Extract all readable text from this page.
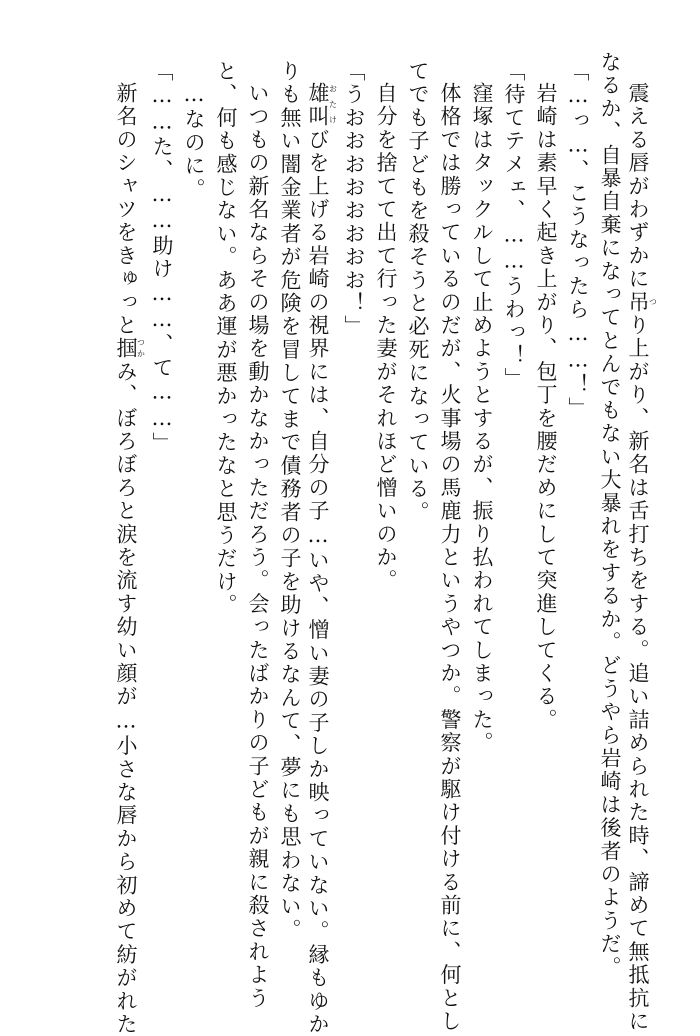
震える唇がわずかに吊つり上がり、新名は舌打ちをする。追い詰められた時、諦めて無抵抗に
なるか、自暴自棄になってとんでもない大暴れをするか。どうやら岩崎は後者のようだ。
「…っ…、こうなったら……！」
岩崎は素早く起き上がり、包丁を腰だめにして突進してくる。
「待てテメェ、……うわっ！」
窪塚はタックルして止めようとするが、振り払われてしまった。
体格では勝っているのだが、火事場の馬鹿力というやつか。警察が駆け付ける前に、何とし
てでも子どもを殺そうと必死になっている。
自分を捨てて出て行った妻がそれほど憎いのか。
「うおおおおおおおお！」
雄叫おたけびを上げる岩崎の視界には、自分の子…いや、憎い妻の子しか映っていない。縁もゆか
りも無い闇金業者が危険を冒してまで債務者の子を助けるなんて、夢にも思わない。
いつもの新名ならその場を動かなかっただろう。会ったばかりの子どもが親に殺されよう
と、何も感じない。ああ運が悪かったなと思うだけ。
…なのに。
「……た、……助け……、て……」
新名のシャツをきゅっと掴つかみ、ぼろぼろと涙を流す幼い顔が…小さな唇から初めて紡がれた
